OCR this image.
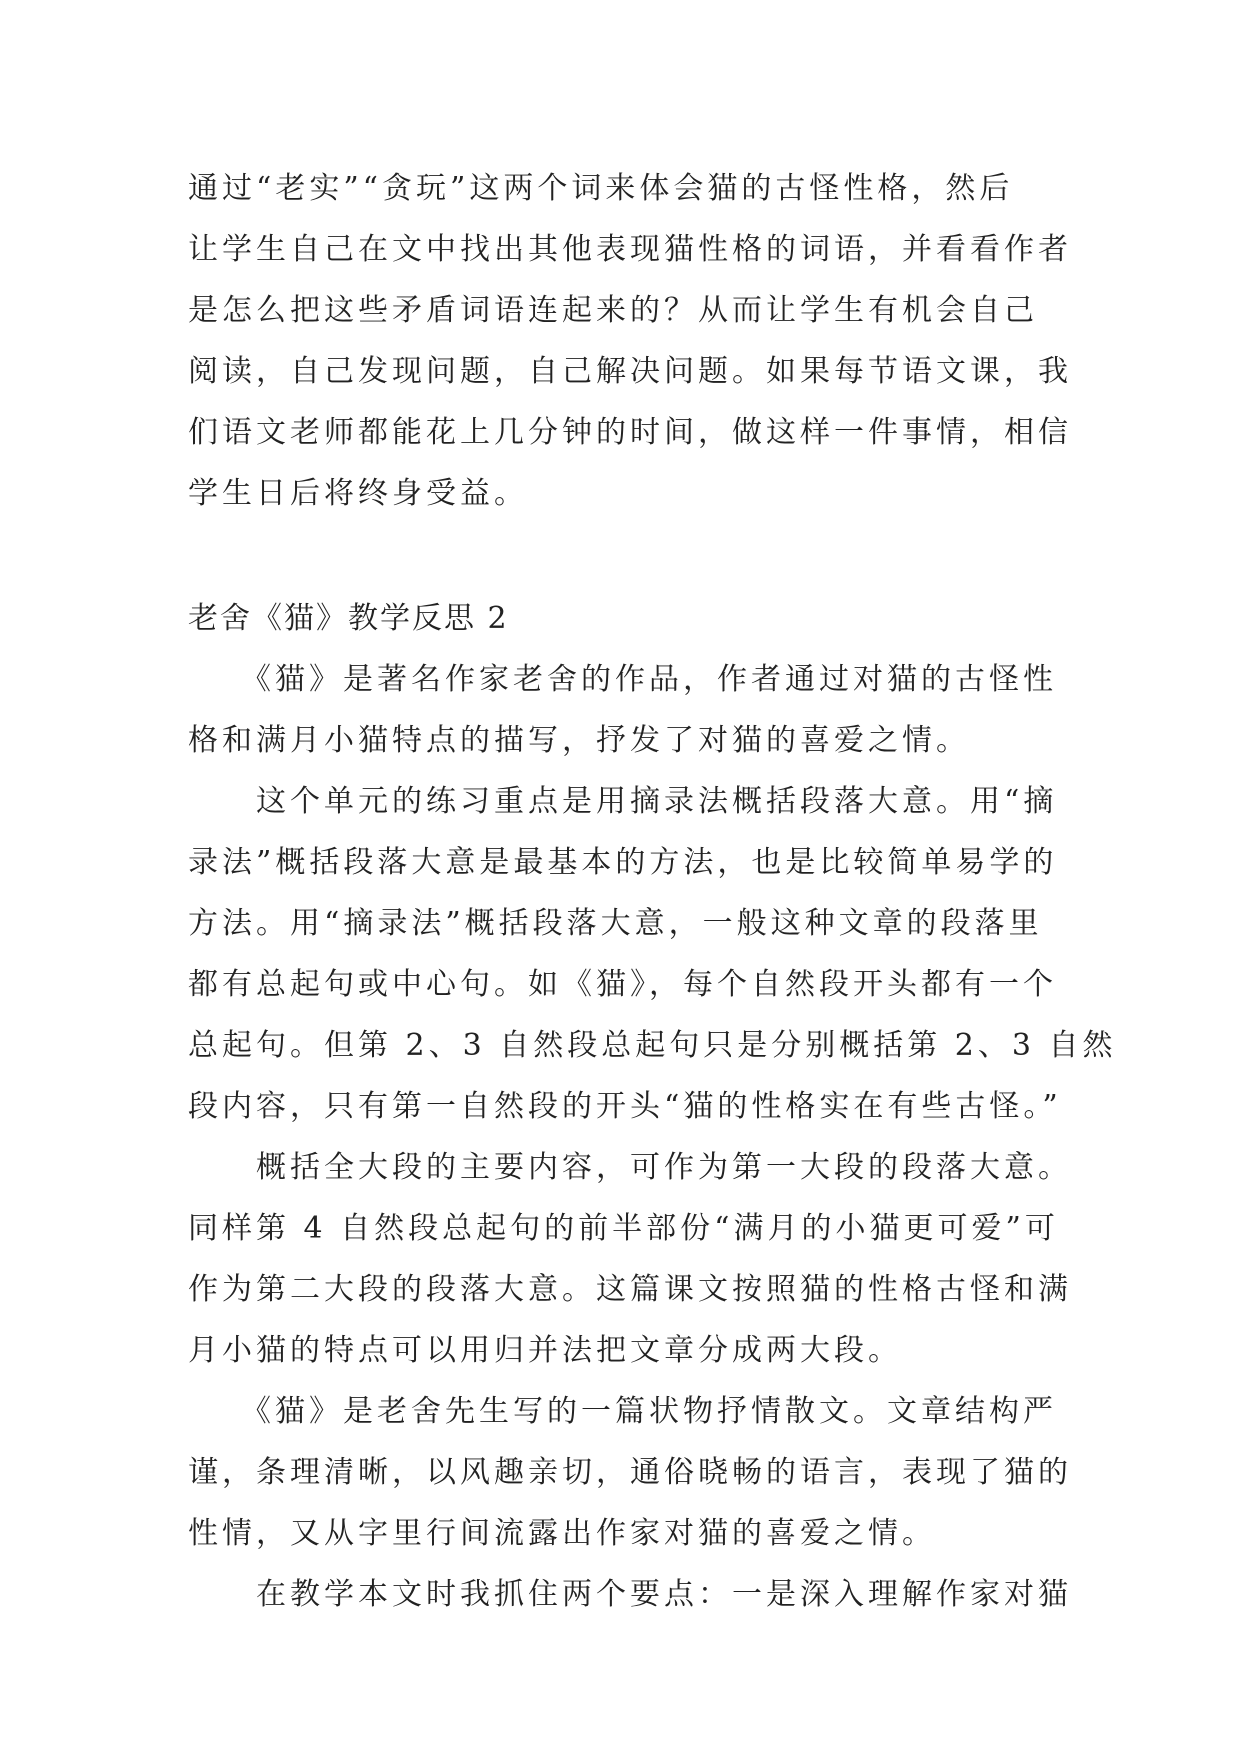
通过“老实”“贪玩”这两个词来体会猫的古怪性格，然后
让学生自己在文中找出其他表现猫性格的词语，并看看作者
是怎么把这些矛盾词语连起来的？从而让学生有机会自己
阅读，自己发现问题，自己解决问题。如果每节语文课，我
们语文老师都能花上几分钟的时间，做这样一件事情，相信
学生日后将终身受益。
老舍《猫》教学反思 2
　　《猫》是著名作家老舍的作品，作者通过对猫的古怪性
格和满月小猫特点的描写，抒发了对猫的喜爱之情。
　　这个单元的练习重点是用摘录法概括段落大意。用“摘
录法”概括段落大意是最基本的方法，也是比较简单易学的
方法。用“摘录法”概括段落大意，一般这种文章的段落里
都有总起句或中心句。如《猫》，每个自然段开头都有一个
总起句。但第 2、3 自然段总起句只是分别概括第 2、3 自然
段内容，只有第一自然段的开头“猫的性格实在有些古怪。”
　　概括全大段的主要内容，可作为第一大段的段落大意。
同样第 4 自然段总起句的前半部份“满月的小猫更可爱”可
作为第二大段的段落大意。这篇课文按照猫的性格古怪和满
月小猫的特点可以用归并法把文章分成两大段。
　　《猫》是老舍先生写的一篇状物抒情散文。文章结构严
谨，条理清晰，以风趣亲切，通俗晓畅的语言，表现了猫的
性情，又从字里行间流露出作家对猫的喜爱之情。
　　在教学本文时我抓住两个要点：一是深入理解作家对猫
